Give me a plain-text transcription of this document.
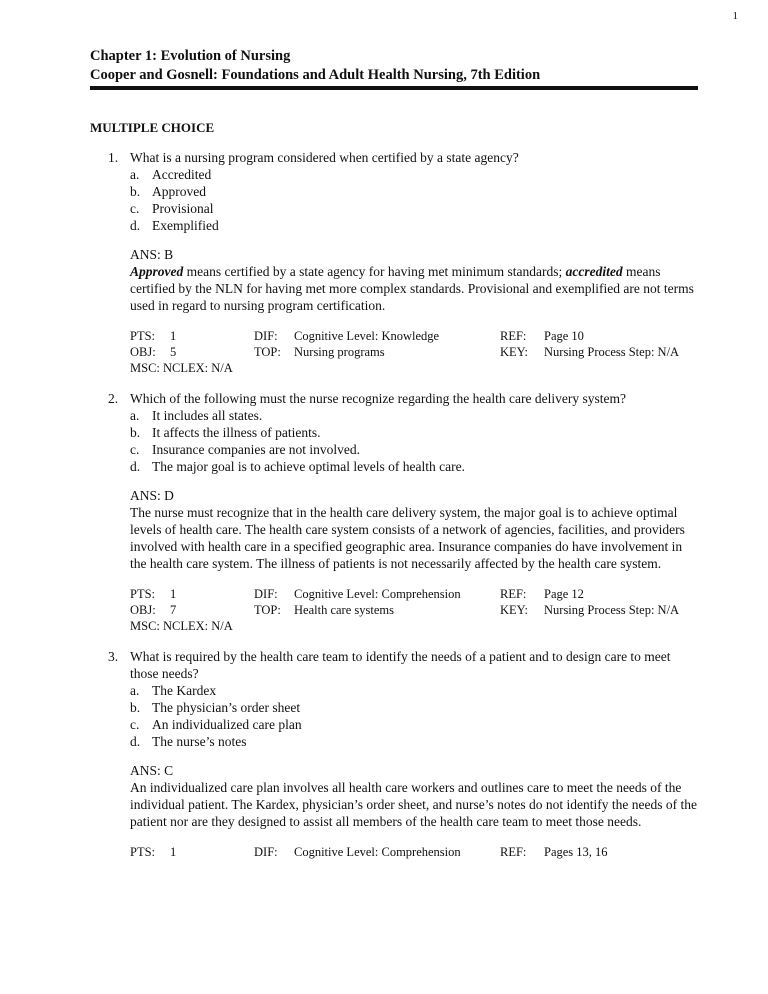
1
Chapter 1: Evolution of Nursing
Cooper and Gosnell: Foundations and Adult Health Nursing, 7th Edition
MULTIPLE CHOICE
1. What is a nursing program considered when certified by a state agency?
a. Accredited
b. Approved
c. Provisional
d. Exemplified
ANS: B
Approved means certified by a state agency for having met minimum standards; accredited means certified by the NLN for having met more complex standards. Provisional and exemplified are not terms used in regard to nursing program certification.
PTS:	1	DIF:	Cognitive Level: Knowledge	REF:	Page 10
OBJ:	5	TOP:	Nursing programs	KEY:	Nursing Process Step: N/A
MSC: NCLEX: N/A
2. Which of the following must the nurse recognize regarding the health care delivery system?
a. It includes all states.
b. It affects the illness of patients.
c. Insurance companies are not involved.
d. The major goal is to achieve optimal levels of health care.
ANS: D
The nurse must recognize that in the health care delivery system, the major goal is to achieve optimal levels of health care. The health care system consists of a network of agencies, facilities, and providers involved with health care in a specified geographic area. Insurance companies do have involvement in the health care system. The illness of patients is not necessarily affected by the health care system.
PTS:	1	DIF:	Cognitive Level: Comprehension	REF:	Page 12
OBJ:	7	TOP:	Health care systems	KEY:	Nursing Process Step: N/A
MSC: NCLEX: N/A
3. What is required by the health care team to identify the needs of a patient and to design care to meet those needs?
a. The Kardex
b. The physician’s order sheet
c. An individualized care plan
d. The nurse’s notes
ANS: C
An individualized care plan involves all health care workers and outlines care to meet the needs of the individual patient. The Kardex, physician’s order sheet, and nurse’s notes do not identify the needs of the patient nor are they designed to assist all members of the health care team to meet those needs.
PTS:	1	DIF:	Cognitive Level: Comprehension	REF:	Pages 13, 16
